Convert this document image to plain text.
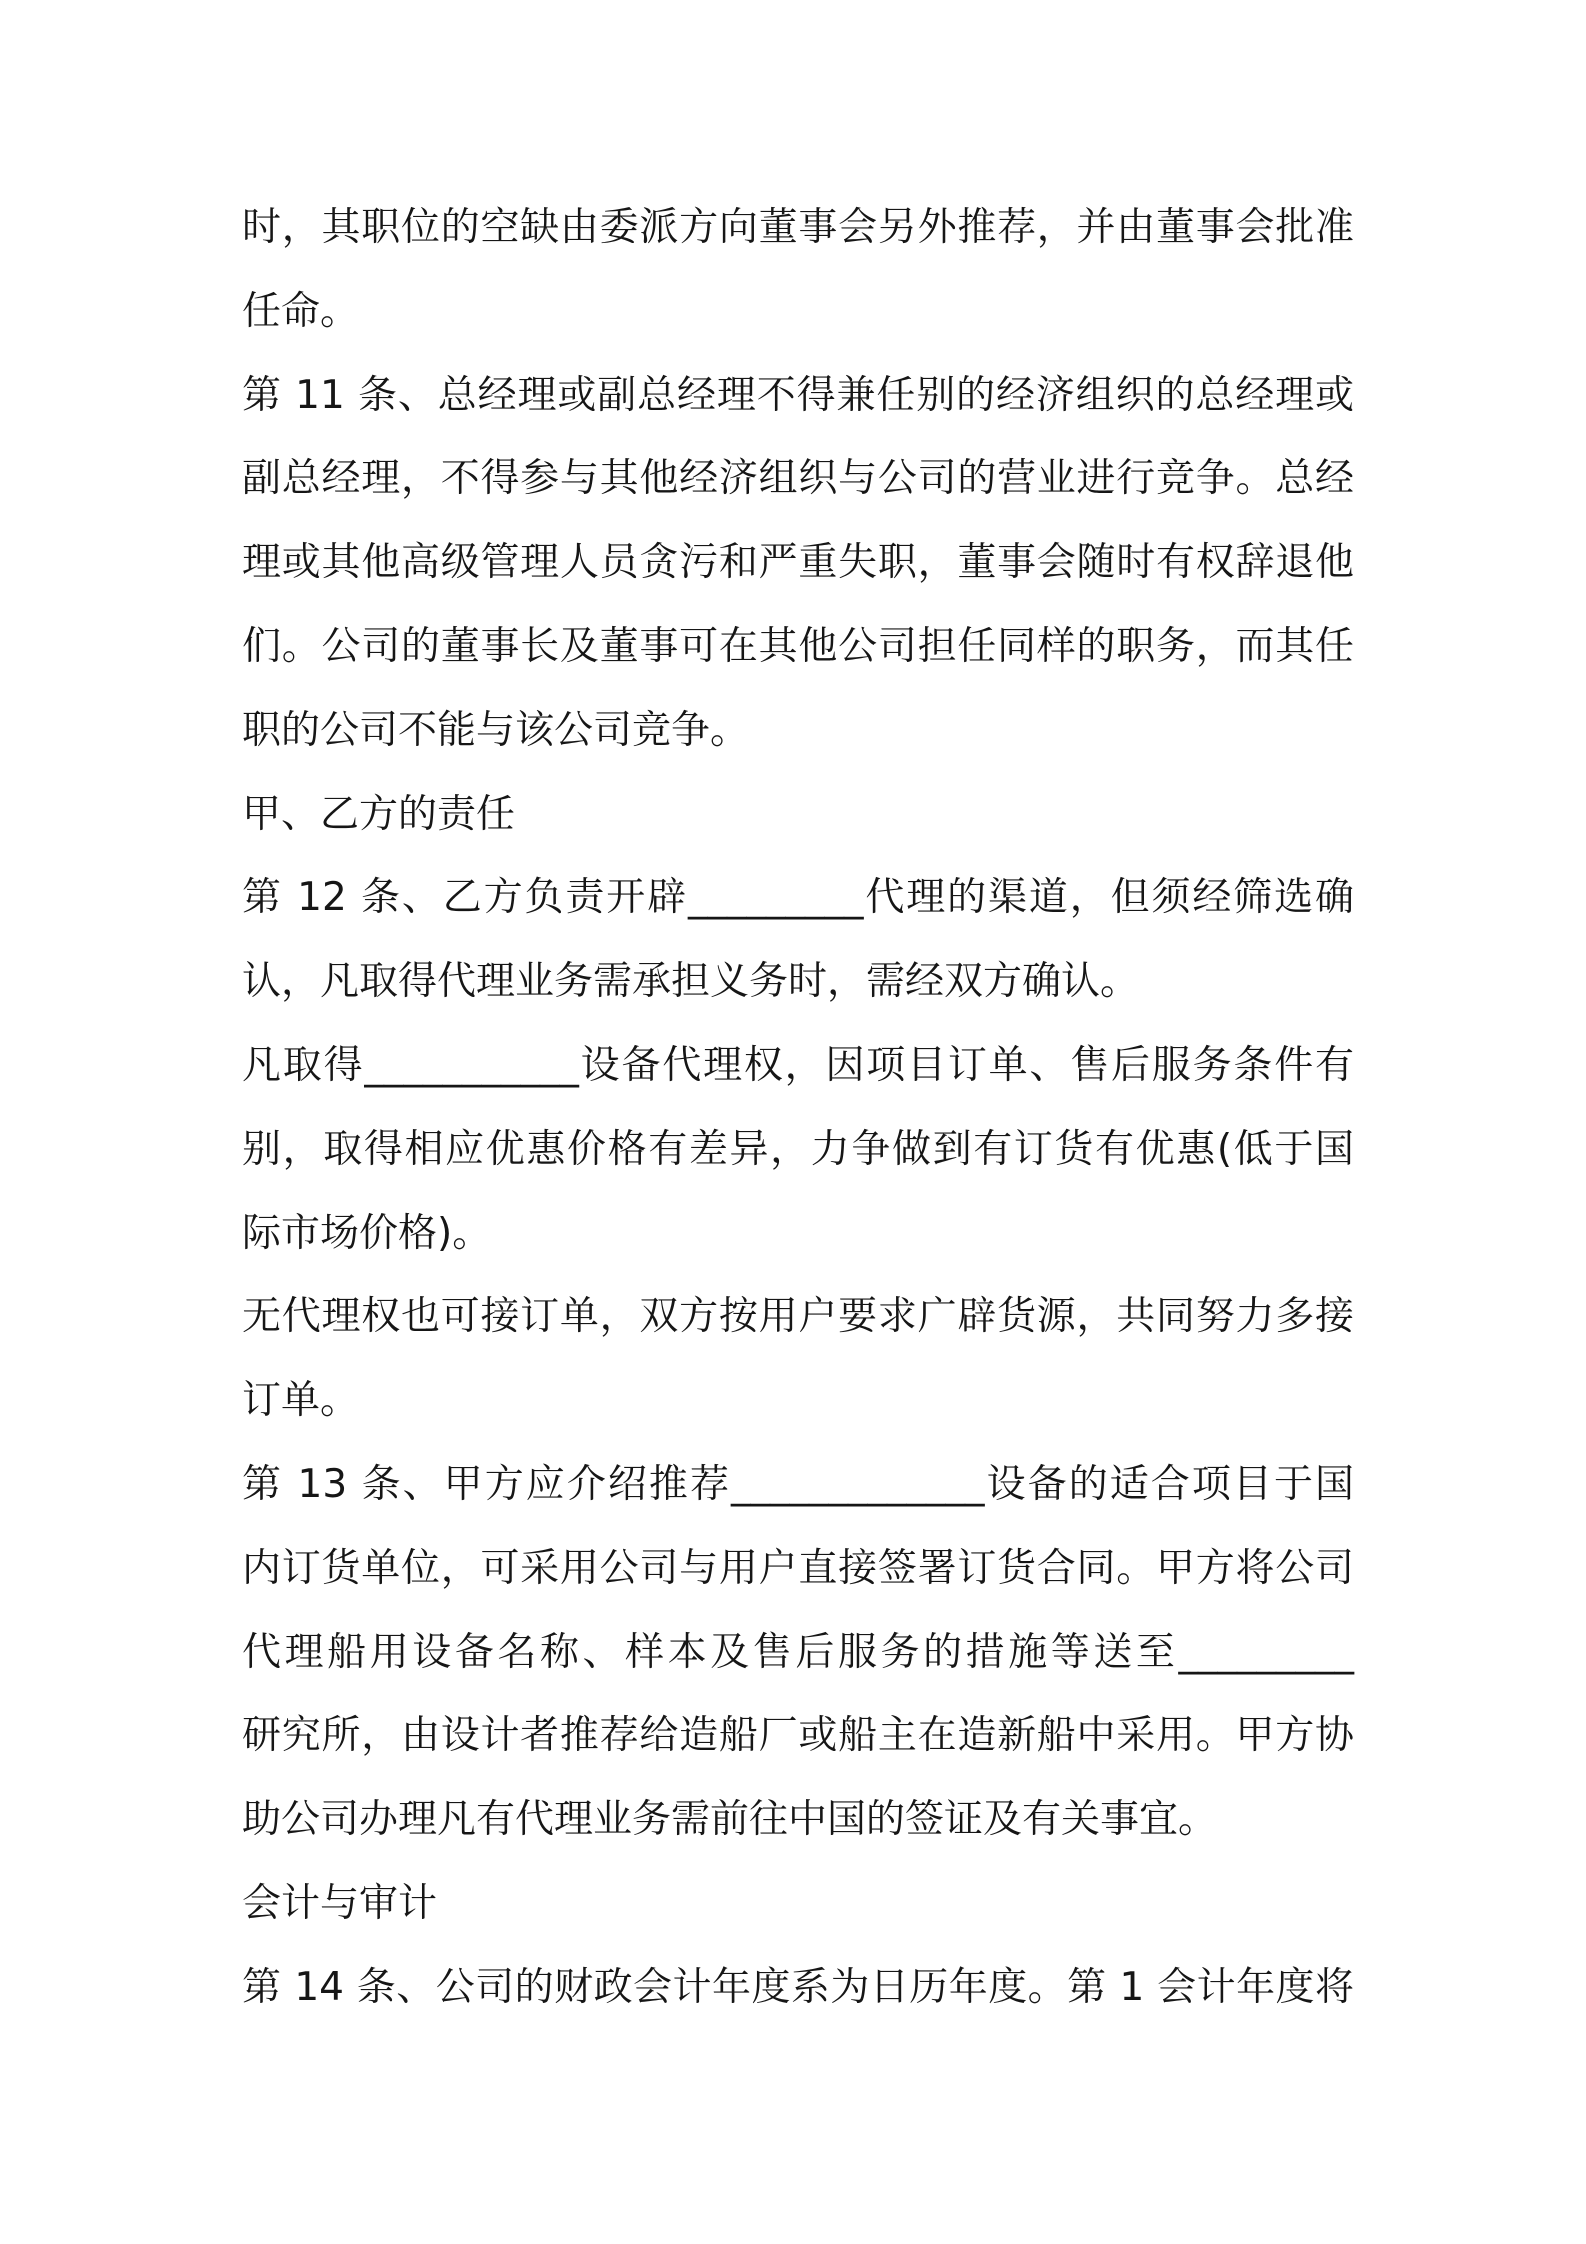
时，其职位的空缺由委派方向董事会另外推荐，并由董事会批准
任命。
第 11 条、总经理或副总经理不得兼任别的经济组织的总经理或
副总经理，不得参与其他经济组织与公司的营业进行竞争。总经
理或其他高级管理人员贪污和严重失职，董事会随时有权辞退他
们。公司的董事长及董事可在其他公司担任同样的职务，而其任
职的公司不能与该公司竞争。
甲、乙方的责任
第 12 条、乙方负责开辟_________代理的渠道，但须经筛选确
认，凡取得代理业务需承担义务时，需经双方确认。
凡取得___________设备代理权，因项目订单、售后服务条件有
别，取得相应优惠价格有差异，力争做到有订货有优惠(低于国
际市场价格)。
无代理权也可接订单，双方按用户要求广辟货源，共同努力多接
订单。
第 13 条、甲方应介绍推荐_____________设备的适合项目于国
内订货单位，可采用公司与用户直接签署订货合同。甲方将公司
代理船用设备名称、样本及售后服务的措施等送至_________
研究所，由设计者推荐给造船厂或船主在造新船中采用。甲方协
助公司办理凡有代理业务需前往中国的签证及有关事宜。
会计与审计
第 14 条、公司的财政会计年度系为日历年度。第 1 会计年度将
